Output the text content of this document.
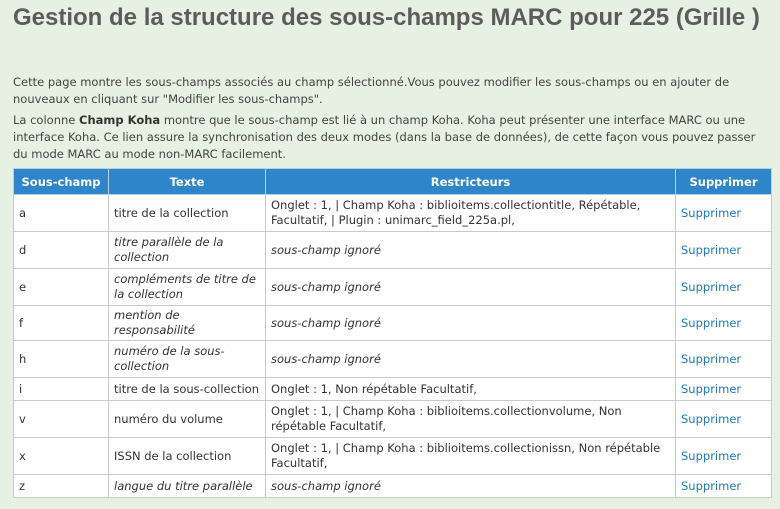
Gestion de la structure des sous-champs MARC pour 225 (Grille )

Cette page montre les sous-champs associés au champ sélectionné.Vous pouvez modifier les sous-champs ou en ajouter de nouveaux en cliquant sur "Modifier les sous-champs".

La colonne Champ Koha montre que le sous-champ est lié à un champ Koha. Koha peut présenter une interface MARC ou une interface Koha. Ce lien assure la synchronisation des deux modes (dans la base de données), de cette façon vous pouvez passer du mode MARC au mode non-MARC facilement.

Sous-champ	Texte	Restricteurs	Supprimer
a	titre de la collection	Onglet : 1, | Champ Koha : biblioitems.collectiontitle, Répétable, Facultatif, | Plugin : unimarc_field_225a.pl,	Supprimer
d	titre parallèle de la collection	sous-champ ignoré	Supprimer
e	compléments de titre de la collection	sous-champ ignoré	Supprimer
f	mention de responsabilité	sous-champ ignoré	Supprimer
h	numéro de la sous-collection	sous-champ ignoré	Supprimer
i	titre de la sous-collection	Onglet : 1, Non répétable Facultatif,	Supprimer
v	numéro du volume	Onglet : 1, | Champ Koha : biblioitems.collectionvolume, Non répétable Facultatif,	Supprimer
x	ISSN de la collection	Onglet : 1, | Champ Koha : biblioitems.collectionissn, Non répétable Facultatif,	Supprimer
z	langue du titre parallèle	sous-champ ignoré	Supprimer
